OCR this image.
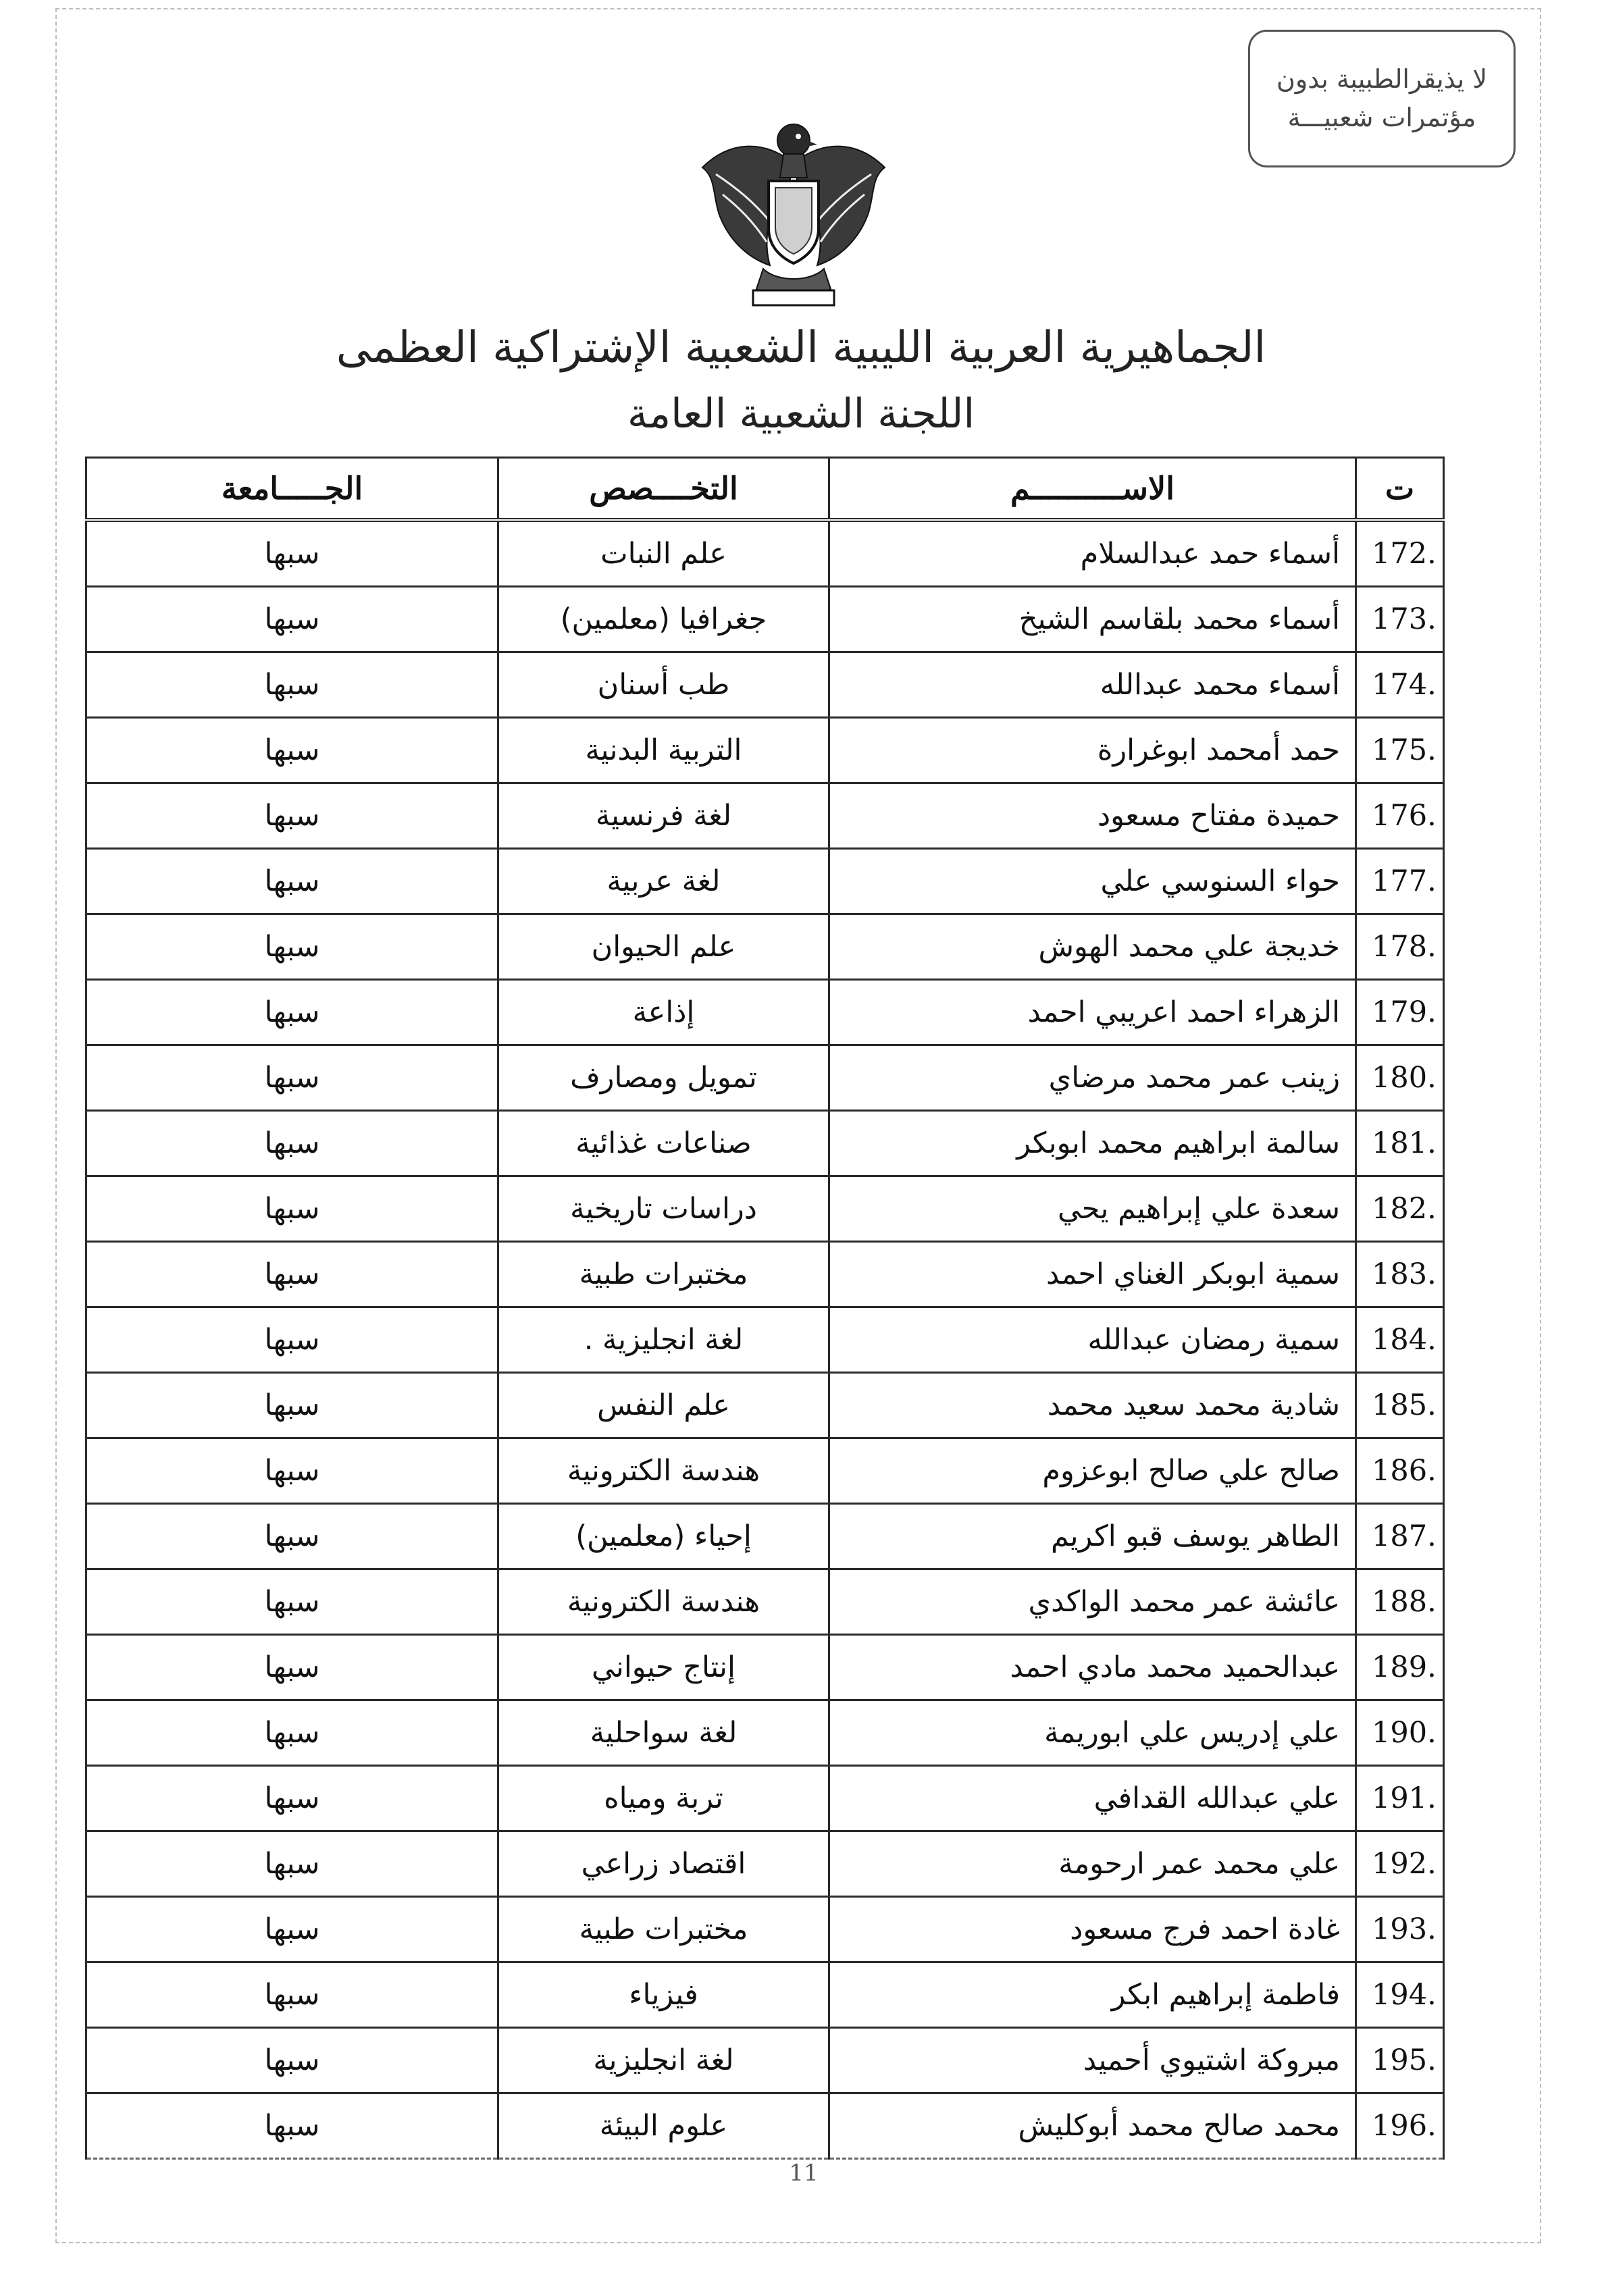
لا يذيقرالطبيبة بدون
مؤتمرات شعبيـــة
الجماهيرية العربية الليبية الشعبية الإشتراكية العظمى
اللجنة الشعبية العامة
ت	الاســــــــــم	التخــــصص	الجـــــامعة
172.	أسماء حمد عبدالسلام	علم النبات	سبها
173.	أسماء محمد بلقاسم الشيخ	جغرافيا (معلمين)	سبها
174.	أسماء محمد عبدالله	طب أسنان	سبها
175.	حمد أمحمد ابوغرارة	التربية البدنية	سبها
176.	حميدة مفتاح مسعود	لغة فرنسية	سبها
177.	حواء السنوسي علي	لغة عربية	سبها
178.	خديجة علي محمد الهوش	علم الحيوان	سبها
179.	الزهراء احمد اعريبي احمد	إذاعة	سبها
180.	زينب عمر محمد مرضاي	تمويل ومصارف	سبها
181.	سالمة ابراهيم محمد ابوبكر	صناعات غذائية	سبها
182.	سعدة علي إبراهيم يحي	دراسات تاريخية	سبها
183.	سمية ابوبكر الغناي احمد	مختبرات طبية	سبها
184.	سمية رمضان عبدالله	لغة انجليزية .	سبها
185.	شادية محمد سعيد محمد	علم النفس	سبها
186.	صالح علي صالح ابوعزوم	هندسة الكترونية	سبها
187.	الطاهر يوسف قبو اكريم	إحياء (معلمين)	سبها
188.	عائشة عمر محمد الواكدي	هندسة الكترونية	سبها
189.	عبدالحميد محمد مادي احمد	إنتاج حيواني	سبها
190.	علي إدريس علي ابوريمة	لغة سواحلية	سبها
191.	علي عبدالله القدافي	تربة ومياه	سبها
192.	علي محمد عمر ارحومة	اقتصاد زراعي	سبها
193.	غادة احمد فرج مسعود	مختبرات طبية	سبها
194.	فاطمة إبراهيم ابكر	فيزياء	سبها
195.	مبروكة اشتيوي أحميد	لغة انجليزية	سبها
196.	محمد صالح محمد أبوكليش	علوم البيئة	سبها
11
